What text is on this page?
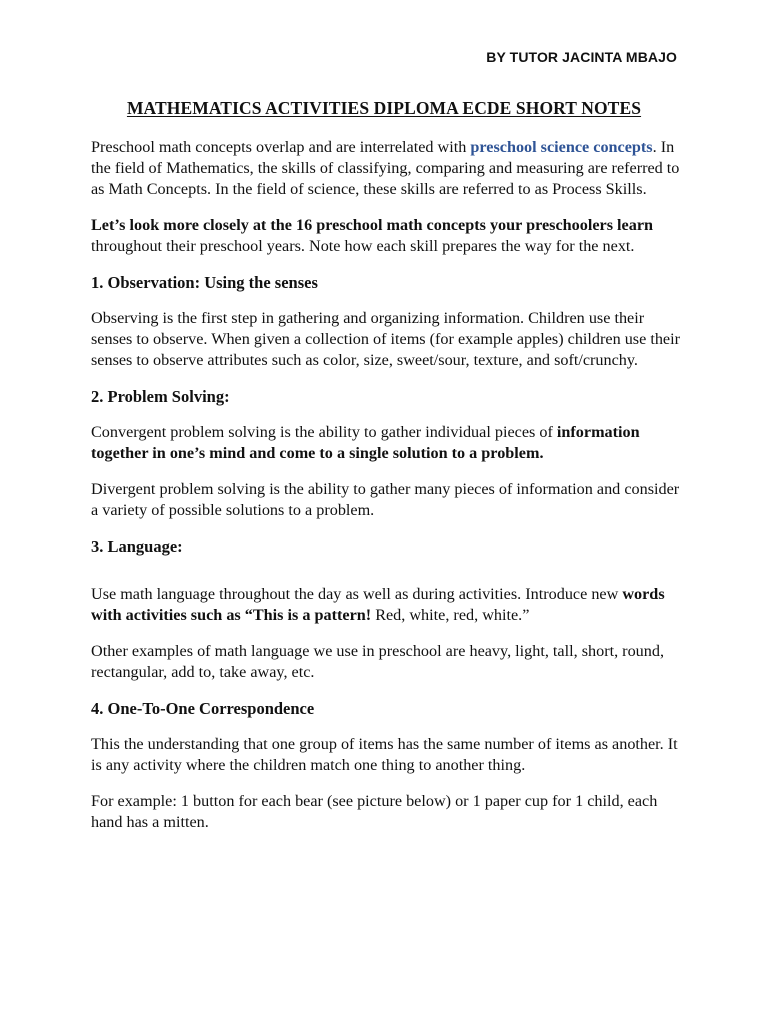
BY TUTOR JACINTA MBAJO
MATHEMATICS ACTIVITIES DIPLOMA ECDE SHORT NOTES

Preschool math concepts overlap and are interrelated with preschool science concepts. In the field of Mathematics, the skills of classifying, comparing and measuring are referred to as Math Concepts. In the field of science, these skills are referred to as Process Skills.

Let’s look more closely at the 16 preschool math concepts your preschoolers learn throughout their preschool years. Note how each skill prepares the way for the next.

1. Observation: Using the senses

Observing is the first step in gathering and organizing information. Children use their senses to observe. When given a collection of items (for example apples) children use their senses to observe attributes such as color, size, sweet/sour, texture, and soft/crunchy.

2. Problem Solving:

Convergent problem solving is the ability to gather individual pieces of information together in one’s mind and come to a single solution to a problem.

Divergent problem solving is the ability to gather many pieces of information and consider a variety of possible solutions to a problem.

3. Language:

Use math language throughout the day as well as during activities. Introduce new words with activities such as “This is a pattern! Red, white, red, white.”

Other examples of math language we use in preschool are heavy, light, tall, short, round, rectangular, add to, take away, etc.

4. One-To-One Correspondence

This the understanding that one group of items has the same number of items as another. It is any activity where the children match one thing to another thing.

For example: 1 button for each bear (see picture below) or 1 paper cup for 1 child, each hand has a mitten.
